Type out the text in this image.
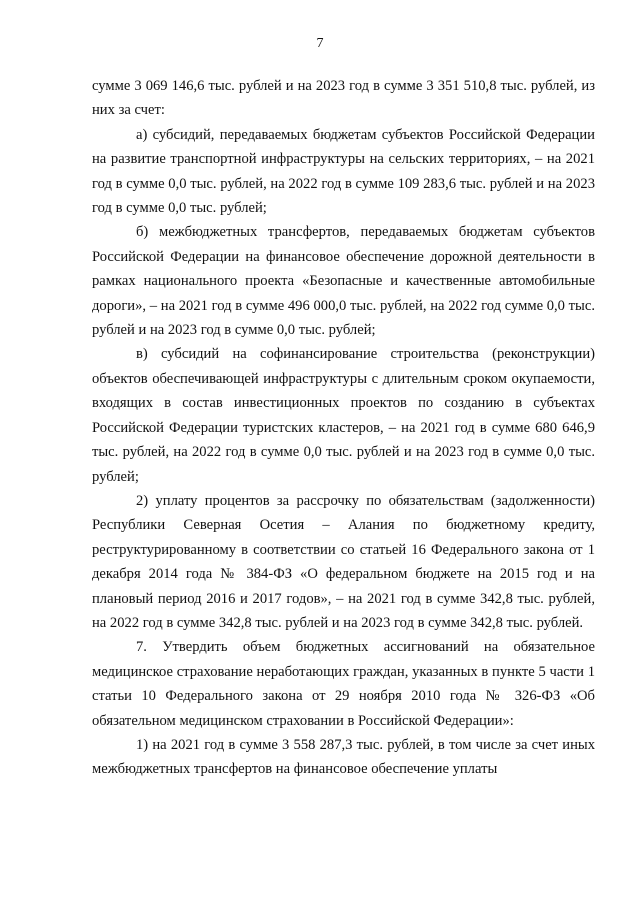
7

сумме 3 069 146,6 тыс. рублей и на 2023 год в сумме 3 351 510,8 тыс. рублей, из них за счет:

а) субсидий, передаваемых бюджетам субъектов Российской Федерации на развитие транспортной инфраструктуры на сельских территориях, – на 2021 год в сумме 0,0 тыс. рублей, на 2022 год в сумме 109 283,6 тыс. рублей и на 2023 год в сумме 0,0 тыс. рублей;

б) межбюджетных трансфертов, передаваемых бюджетам субъектов Российской Федерации на финансовое обеспечение дорожной деятельности в рамках национального проекта «Безопасные и качественные автомобильные дороги», – на 2021 год в сумме 496 000,0 тыс. рублей, на 2022 год сумме 0,0 тыс. рублей и на 2023 год в сумме 0,0 тыс. рублей;

в) субсидий на софинансирование строительства (реконструкции) объектов обеспечивающей инфраструктуры с длительным сроком окупаемости, входящих в состав инвестиционных проектов по созданию в субъектах Российской Федерации туристских кластеров, – на 2021 год в сумме 680 646,9 тыс. рублей, на 2022 год в сумме 0,0 тыс. рублей и на 2023 год в сумме 0,0 тыс. рублей;

2) уплату процентов за рассрочку по обязательствам (задолженности) Республики Северная Осетия – Алания по бюджетному кредиту, реструктурированному в соответствии со статьей 16 Федерального закона от 1 декабря 2014 года № 384-ФЗ «О федеральном бюджете на 2015 год и на плановый период 2016 и 2017 годов», – на 2021 год в сумме 342,8 тыс. рублей, на 2022 год в сумме 342,8 тыс. рублей и на 2023 год в сумме 342,8 тыс. рублей.

7. Утвердить объем бюджетных ассигнований на обязательное медицинское страхование неработающих граждан, указанных в пункте 5 части 1 статьи 10 Федерального закона от 29 ноября 2010 года № 326-ФЗ «Об обязательном медицинском страховании в Российской Федерации»:

1) на 2021 год в сумме 3 558 287,3 тыс. рублей, в том числе за счет иных межбюджетных трансфертов на финансовое обеспечение уплаты
